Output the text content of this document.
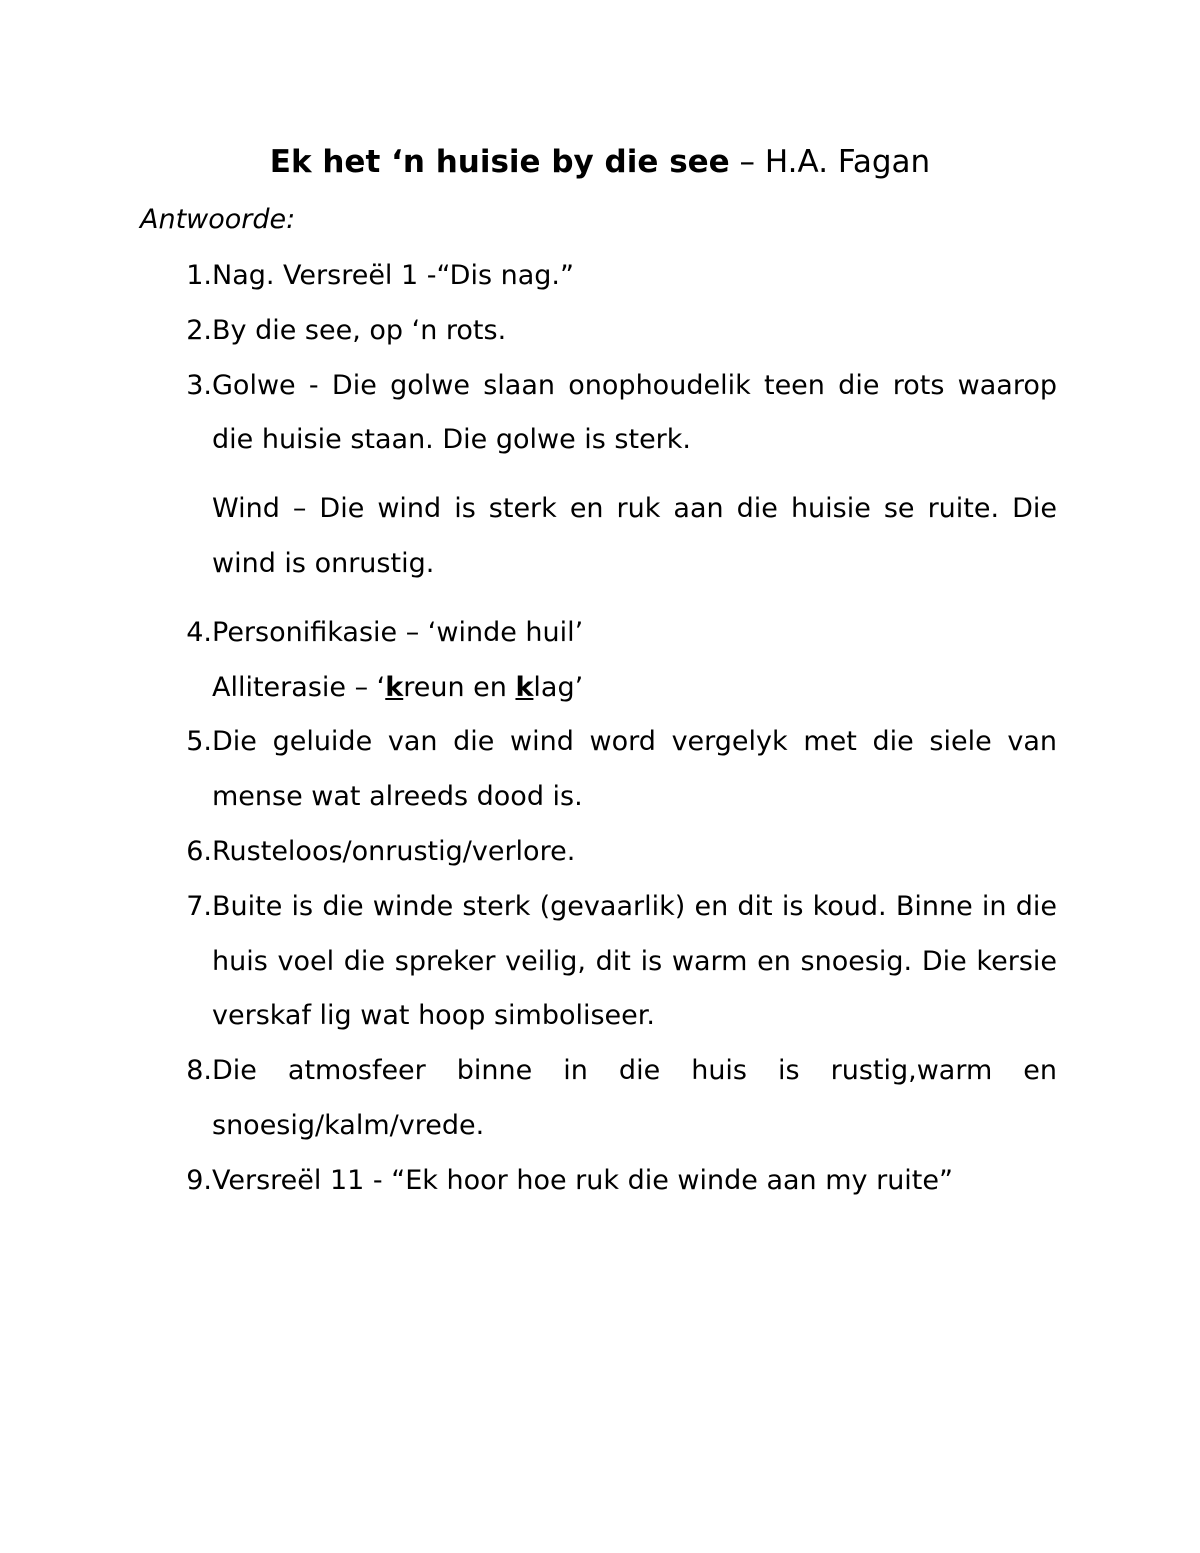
Ek het ‘n huisie by die see – H.A. Fagan
Antwoorde:
1. Nag. Versreël 1 -“Dis nag.”

2. By die see, op ‘n rots.

3. Golwe - Die golwe slaan onophoudelik teen die rots waarop die huisie staan. Die golwe is sterk.

Wind – Die wind is sterk en ruk aan die huisie se ruite. Die wind is onrustig.

4. Personifikasie – ‘winde huil’

Alliterasie – ‘kreun en klag’

5. Die geluide van die wind word vergelyk met die siele van mense wat alreeds dood is.

6. Rusteloos/onrustig/verlore.

7. Buite is die winde sterk (gevaarlik) en dit is koud. Binne in die huis voel die spreker veilig, dit is warm en snoesig. Die kersie verskaf lig wat hoop simboliseer.

8. Die atmosfeer binne in die huis is rustig,warm en snoesig/kalm/vrede.

9. Versreël 11 - “Ek hoor hoe ruk die winde aan my ruite”
